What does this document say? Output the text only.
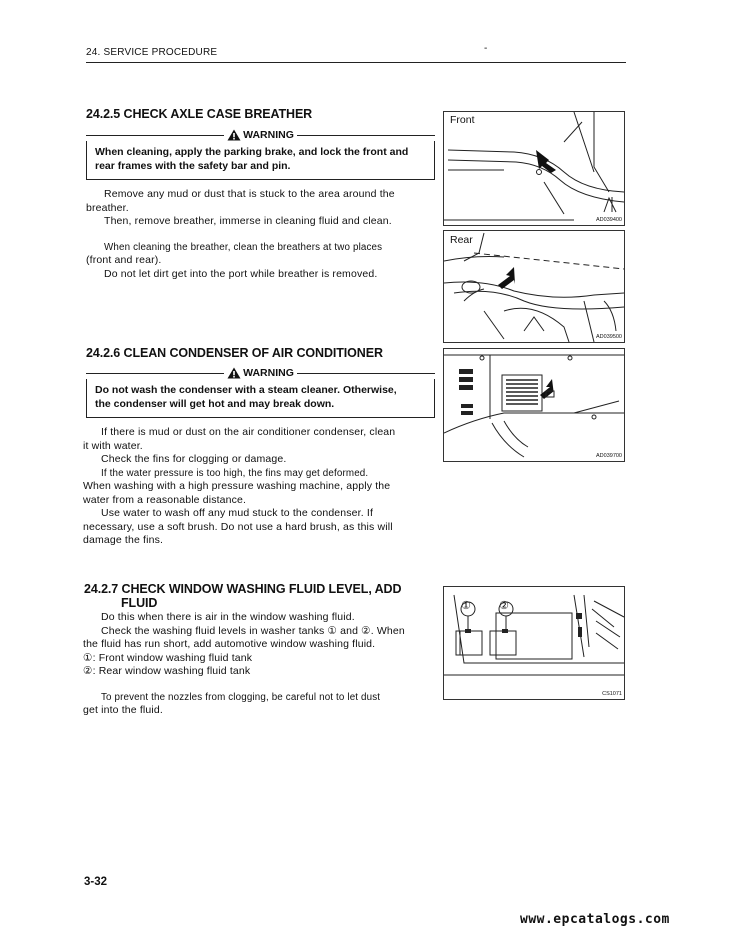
24. SERVICE PROCEDURE	-
24.2.5 CHECK AXLE CASE BREATHER
WARNING
When cleaning, apply the parking brake, and lock the front and
rear frames with the safety bar and pin.

Remove any mud or dust that is stuck to the area around the

breather.

Then, remove breather, immerse in cleaning fluid and clean.

When cleaning the breather, clean the breathers at two places

(front and rear).

Do not let dirt get into the port while breather is removed.

Front
AD039400
Rear
AD039500
24.2.6 CLEAN CONDENSER OF AIR CONDITIONER
WARNING
Do not wash the condenser with a steam cleaner. Otherwise,
the condenser will get hot and may break down.

If there is mud or dust on the air conditioner condenser, clean

it with water.

Check the fins for clogging or damage.

If the water pressure is too high, the fins may get deformed.

When washing with a high pressure washing machine, apply the

water from a reasonable distance.

Use water to wash off any mud stuck to the condenser. If

necessary, use a soft brush. Do not use a hard brush, as this will

damage the fins.

AD039700
24.2.7 CHECK WINDOW WASHING FLUID LEVEL, ADD
FLUID

Do this when there is air in the window washing fluid.

Check the washing fluid levels in washer tanks ① and ②. When

the fluid has run short, add automotive window washing fluid.

①: Front window washing fluid tank

②: Rear window washing fluid tank

To prevent the nozzles from clogging, be careful not to let dust

get into the fluid.

①	②
CS1071
3-32
www.epcatalogs.com
